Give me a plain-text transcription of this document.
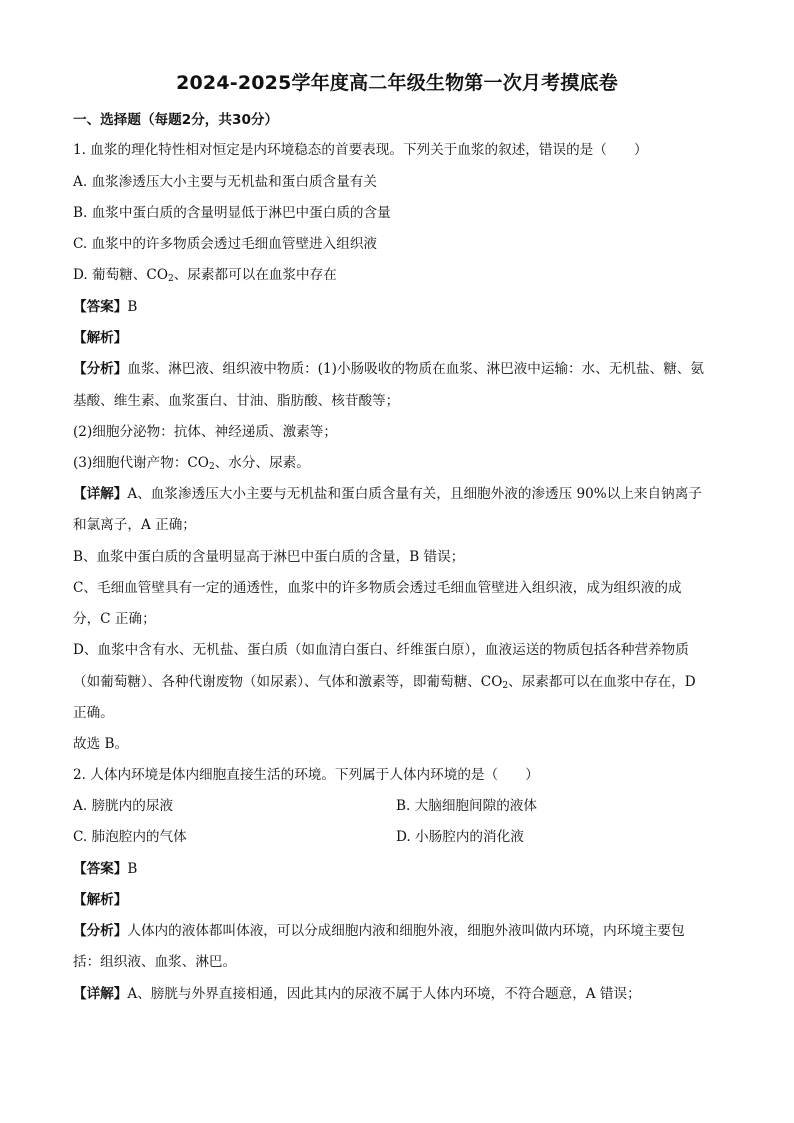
2024-2025学年度高二年级生物第一次月考摸底卷
一、选择题（每题2分，共30分）
1. 血浆的理化特性相对恒定是内环境稳态的首要表现。下列关于血浆的叙述，错误的是（　　）
A. 血浆渗透压大小主要与无机盐和蛋白质含量有关
B. 血浆中蛋白质的含量明显低于淋巴中蛋白质的含量
C. 血浆中的许多物质会透过毛细血管壁进入组织液
D. 葡萄糖、$CO_2$、尿素都可以在血浆中存在
【答案】B
【解析】
【分析】血浆、淋巴液、组织液中物质：(1)小肠吸收的物质在血浆、淋巴液中运输：水、无机盐、糖、氨
基酸、维生素、血浆蛋白、甘油、脂肪酸、核苷酸等；
(2)细胞分泌物：抗体、神经递质、激素等；
(3)细胞代谢产物：$CO_2$、水分、尿素。
【详解】A、血浆渗透压大小主要与无机盐和蛋白质含量有关，且细胞外液的渗透压 90%以上来自钠离子
和氯离子，A 正确；
B、血浆中蛋白质的含量明显高于淋巴中蛋白质的含量，B 错误；
C、毛细血管壁具有一定的通透性，血浆中的许多物质会透过毛细血管壁进入组织液，成为组织液的成
分，C 正确；
D、血浆中含有水、无机盐、蛋白质（如血清白蛋白、纤维蛋白原），血液运送的物质包括各种营养物质
（如葡萄糖）、各种代谢废物（如尿素）、气体和激素等，即葡萄糖、$CO_2$、尿素都可以在血浆中存在，D
正确。
故选 B。
2. 人体内环境是体内细胞直接生活的环境。下列属于人体内环境的是（　　）
A. 膀胱内的尿液	B. 大脑细胞间隙的液体
C. 肺泡腔内的气体	D. 小肠腔内的消化液
【答案】B
【解析】
【分析】人体内的液体都叫体液，可以分成细胞内液和细胞外液，细胞外液叫做内环境，内环境主要包
括：组织液、血浆、淋巴。
【详解】A、膀胱与外界直接相通，因此其内的尿液不属于人体内环境，不符合题意，A 错误；
